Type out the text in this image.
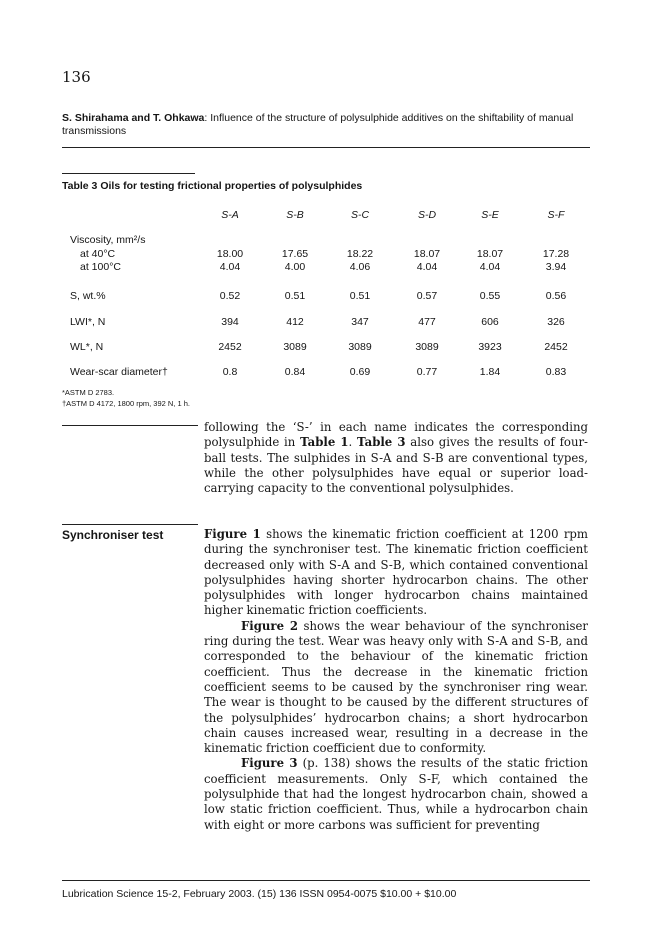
136
S. Shirahama and T. Ohkawa: Influence of the structure of polysulphide additives on the shiftability of manual transmissions
Table 3 Oils for testing frictional properties of polysulphides
S-A	S-B	S-C	S-D	S-E	S-F
Viscosity, mm²/s
at 40°C	18.00	17.65	18.22	18.07	18.07	17.28
at 100°C	4.04	4.00	4.06	4.04	4.04	3.94
S, wt.%	0.52	0.51	0.51	0.57	0.55	0.56
LWI*, N	394	412	347	477	606	326
WL*, N	2452	3089	3089	3089	3923	2452
Wear-scar diameter†	0.8	0.84	0.69	0.77	1.84	0.83
*ASTM D 2783.
†ASTM D 4172, 1800 rpm, 392 N, 1 h.

following the ‘S-’ in each name indicates the corresponding polysulphide in Table 1. Table 3 also gives the results of four-ball tests. The sulphides in S-A and S-B are conventional types, while the other polysulphides have equal or superior load-carrying capacity to the conventional polysulphides.

Synchroniser test	Figure 1 shows the kinematic friction coefficient at 1200 rpm during the synchroniser test. The kinematic friction coefficient decreased only with S-A and S-B, which contained conventional polysulphides having shorter hydrocarbon chains. The other polysulphides with longer hydrocarbon chains maintained higher kinematic friction coefficients.

Figure 2 shows the wear behaviour of the synchroniser ring during the test. Wear was heavy only with S-A and S-B, and corresponded to the behaviour of the kinematic friction coefficient. Thus the decrease in the kinematic friction coefficient seems to be caused by the synchroniser ring wear. The wear is thought to be caused by the different structures of the polysulphides’ hydrocarbon chains; a short hydrocarbon chain causes increased wear, resulting in a decrease in the kinematic friction coefficient due to conformity.

Figure 3 (p. 138) shows the results of the static friction coefficient measurements. Only S-F, which contained the polysulphide that had the longest hydrocarbon chain, showed a low static friction coefficient. Thus, while a hydrocarbon chain with eight or more carbons was sufficient for preventing

Lubrication Science 15-2, February 2003. (15) 136 ISSN 0954-0075 $10.00 + $10.00
